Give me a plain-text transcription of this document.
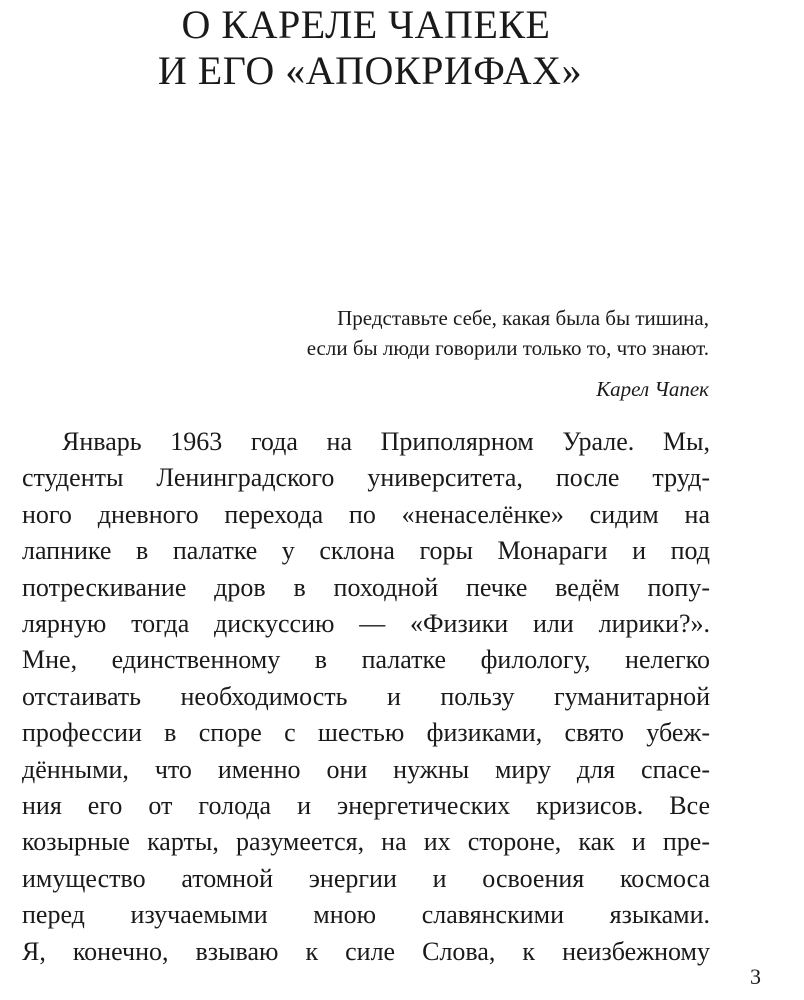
О КАРЕЛЕ ЧАПЕКЕ
И ЕГО «АПОКРИФАХ»
Представьте себе, какая была бы тишина,
если бы люди говорили только то, что знают.
Карел Чапек
Январь 1963 года на Приполярном Урале. Мы,
студенты Ленинградского университета, после труд-
ного дневного перехода по «ненаселёнке» сидим на
лапнике в палатке у склона горы Монараги и под
потрескивание дров в походной печке ведём попу-
лярную тогда дискуссию — «Физики или лирики?».
Мне, единственному в палатке филологу, нелегко
отстаивать необходимость и пользу гуманитарной
профессии в споре с шестью физиками, свято убеж-
дёнными, что именно они нужны миру для спасе-
ния его от голода и энергетических кризисов. Все
козырные карты, разумеется, на их стороне, как и пре-
имущество атомной энергии и освоения космоса
перед изучаемыми мною славянскими языками.
Я, конечно, взываю к силе Слова, к неизбежному
3
